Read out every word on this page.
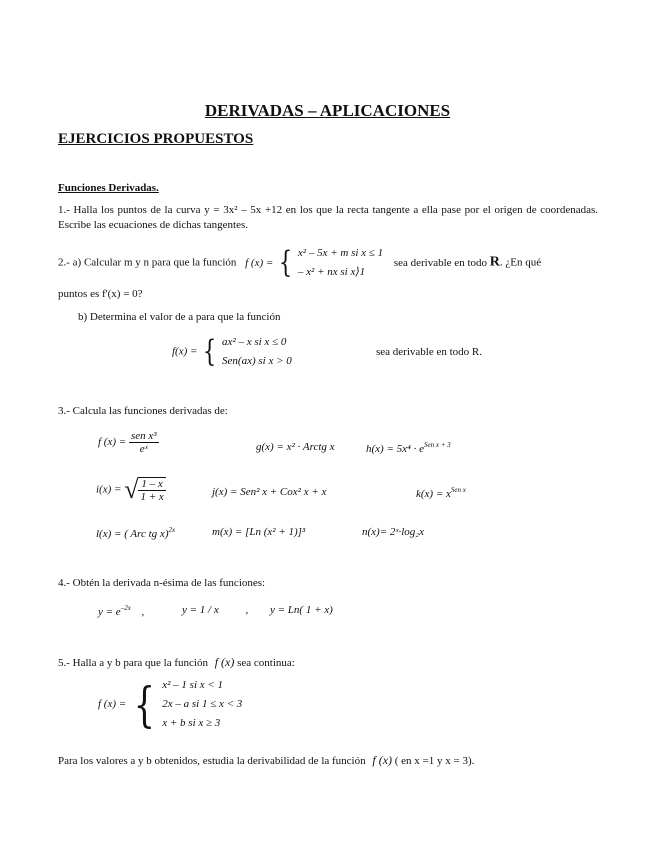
DERIVADAS – APLICACIONES
EJERCICIOS PROPUESTOS
Funciones Derivadas.
1.- Halla los puntos de la curva y = 3x² – 5x +12 en los que la recta tangente a ella pase por el origen de coordenadas. Escribe las ecuaciones de dichas tangentes.
2.- a) Calcular m y n para que la función f (x) = { x² – 5x + m si x ≤ 1
– x² + nx si x⟩1
sea derivable en todo R. ¿En qué
puntos es f'(x) = 0?
b) Determina el valor de a para que la función
f(x) = { ax² – x si x ≤ 0
Sen(ax) si x > 0
sea derivable en todo R.
3.- Calcula las funciones derivadas de:
f $(x) = \frac{\text{sen x³}}{\text{eˣ}}$	g(x) = x² · Arctg x	$h(x) = 5x^4 \cdot e^{Sen x + 3}$
i(x) = √ $\frac{1 - x}{1 + x}$	j(x) = Sen² x + Cox² x + x	$k(x) = x^{Sen x}$
l(x) = ( Arc tg x)$^{2x}$	m(x) = [Ln (x² + 1)]³	n(x)= 2ˣ·log₂x
4.- Obtén la derivada n-ésima de las funciones:
$y = e^{-2x}$ ,	y = 1 / x , y = Ln( 1 + x)
5.- Halla a y b para que la función f (x) sea continua:
f (x) = { x² – 1 si x < 1
2x – a si 1 ≤ x < 3
x + b si x ≥ 3
Para los valores a y b obtenidos, estudia la derivabilidad de la función f (x) ( en x =1 y x = 3).
